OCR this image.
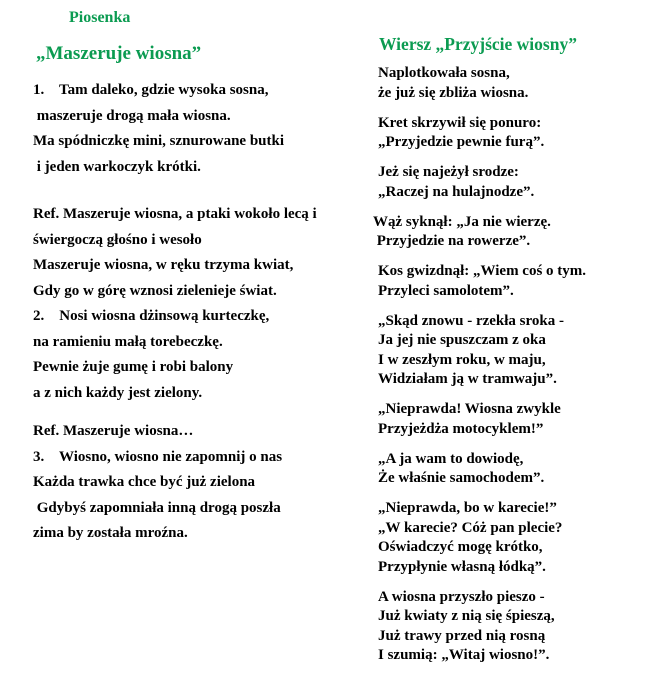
Piosenka
„Maszeruje wiosna”
1.    Tam daleko, gdzie wysoka sosna,
maszeruje drogą mała wiosna.
Ma spódniczkę mini, sznurowane butki
i jeden warkoczyk krótki.
Ref. Maszeruje wiosna, a ptaki wokoło lecą i
świergoczą głośno i wesoło
Maszeruje wiosna, w ręku trzyma kwiat,
Gdy go w górę wznosi zielenieje świat.
2.    Nosi wiosna dżinsową kurteczkę,
na ramieniu małą torebeczkę.
Pewnie żuje gumę i robi balony
a z nich każdy jest zielony.
Ref. Maszeruje wiosna…
3.    Wiosno, wiosno nie zapomnij o nas
Każda trawka chce być już zielona
Gdybyś zapomniała inną drogą poszła
zima by została mroźna.
Wiersz „Przyjście wiosny”
Naplotkowała sosna,
że już się zbliża wiosna.
Kret skrzywił się ponuro:
„Przyjedzie pewnie furą”.
Jeż się najeżył srodze:
„Raczej na hulajnodze”.
Wąż syknął: „Ja nie wierzę.
Przyjedzie na rowerze”.
Kos gwizdnął: „Wiem coś o tym.
Przyleci samolotem”.
„Skąd znowu - rzekła sroka -
Ja jej nie spuszczam z oka
I w zeszłym roku, w maju,
Widziałam ją w tramwaju”.
„Nieprawda! Wiosna zwykle
Przyjeżdża motocyklem!”
„A ja wam to dowiodę,
Że właśnie samochodem”.
„Nieprawda, bo w karecie!”
„W karecie? Cóż pan plecie?
Oświadczyć mogę krótko,
Przypłynie własną łódką”.
A wiosna przyszło pieszo -
Już kwiaty z nią się śpieszą,
Już trawy przed nią rosną
I szumią: „Witaj wiosno!”.
